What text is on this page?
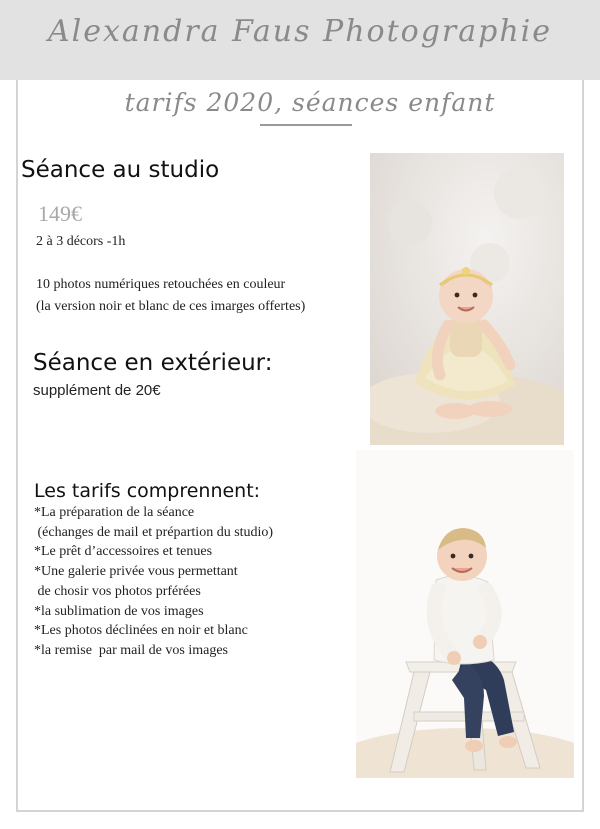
Alexandra Faus Photographie
tarifs 2020, séances enfant
Séance au studio
149€
2 à 3 décors -1h
10 photos numériques retouchées en couleur
(la version noir et blanc de ces imarges offertes)
Séance en extérieur:
supplément de 20€
Les tarifs comprennent:
*La préparation de la séance
(échanges de mail et prépartion du studio)
*Le prêt d’accessoires et tenues
*Une galerie privée vous permettant
de chosir vos photos prférées
*la sublimation de vos images
*Les photos déclinées en noir et blanc
*la remise  par mail de vos images
